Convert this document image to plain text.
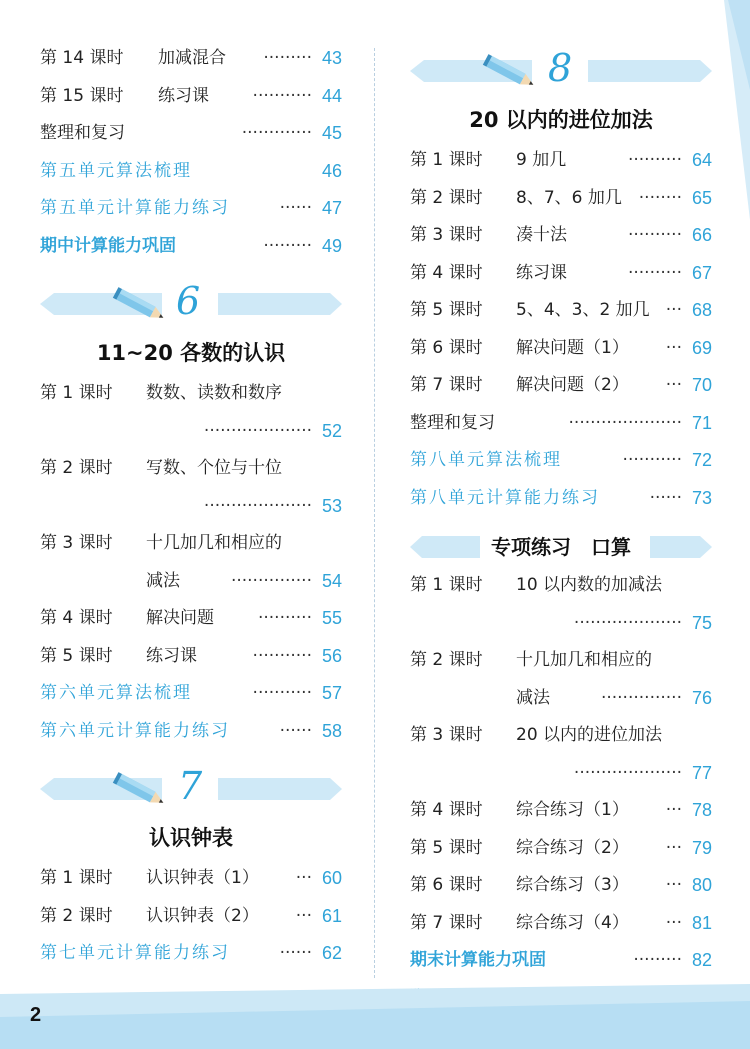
第 14 课时 加减混合 ········· 43
第 15 课时 练习课	··········· 44
整理和复习	············· 45
第五单元算法梳理	46
第五单元计算能力练习	······ 47
期中计算能力巩固	········· 49
6
11~20 各数的认识
第 1 课时 数数、读数和数序
···················· 52
第 2 课时 写数、个位与十位
···················· 53
第 3 课时 十几加几和相应的
减法	··············· 54
第 4 课时 解决问题	·········· 55
第 5 课时 练习课	··········· 56
第六单元算法梳理	··········· 57
第六单元计算能力练习	······ 58
7
认识钟表
第 1 课时 认识钟表（1） ··· 60
第 2 课时 认识钟表（2） ··· 61
第七单元计算能力练习	······ 62
8
20 以内的进位加法
第 1 课时 9 加几	·········· 64
第 2 课时 8、7、6 加几 ········ 65
第 3 课时 凑十法	·········· 66
第 4 课时 练习课	·········· 67
第 5 课时 5、4、3、2 加几 ··· 68
第 6 课时 解决问题（1） ··· 69
第 7 课时 解决问题（2） ··· 70
整理和复习	····················· 71
第八单元算法梳理	··········· 72
第八单元计算能力练习	······ 73
专项练习　口算
第 1 课时 10 以内数的加减法
···················· 75
第 2 课时 十几加几和相应的
减法	··············· 76
第 3 课时 20 以内的进位加法
···················· 77
第 4 课时 综合练习（1） ··· 78
第 5 课时 综合练习（2） ··· 79
第 6 课时 综合练习（3） ··· 80
第 7 课时 综合练习（4） ··· 81
期末计算能力巩固	········· 82
2
